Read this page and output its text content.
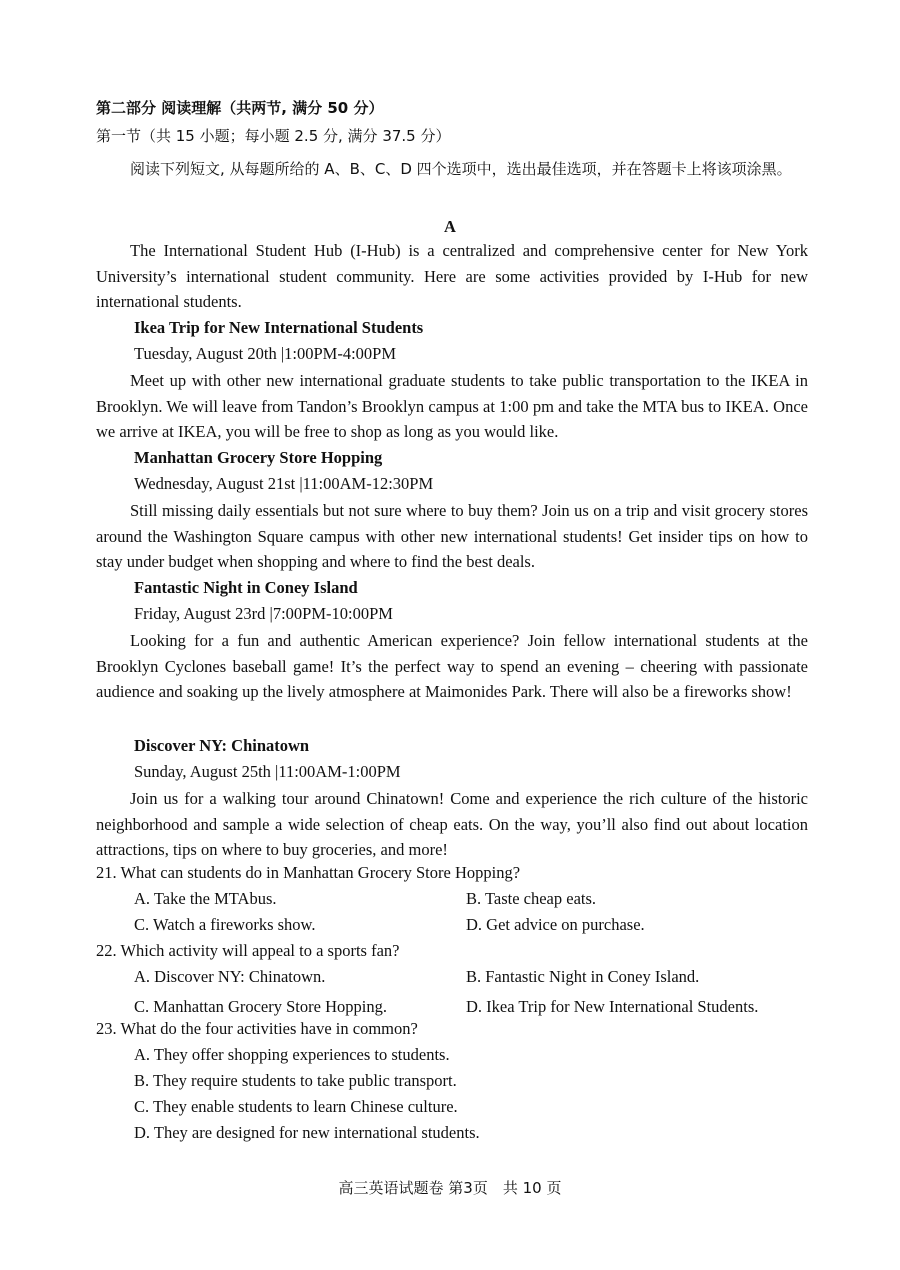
第二部分 阅读理解（共两节, 满分 50 分）
第一节（共 15 小题；每小题 2.5 分, 满分 37.5 分）
阅读下列短文, 从每题所给的 A、B、C、D 四个选项中，选出最佳选项，并在答题卡上将该项涂黑。
A
The International Student Hub (I-Hub) is a centralized and comprehensive center for New York University’s international student community. Here are some activities provided by I-Hub for new international students.
Ikea Trip for New International Students
Tuesday, August 20th |1:00PM-4:00PM
Meet up with other new international graduate students to take public transportation to the IKEA in Brooklyn. We will leave from Tandon’s Brooklyn campus at 1:00 pm and take the MTA bus to IKEA. Once we arrive at IKEA, you will be free to shop as long as you would like.
Manhattan Grocery Store Hopping
Wednesday, August 21st |11:00AM-12:30PM
Still missing daily essentials but not sure where to buy them? Join us on a trip and visit grocery stores around the Washington Square campus with other new international students! Get insider tips on how to stay under budget when shopping and where to find the best deals.
Fantastic Night in Coney Island
Friday, August 23rd |7:00PM-10:00PM
Looking for a fun and authentic American experience? Join fellow international students at the Brooklyn Cyclones baseball game! It’s the perfect way to spend an evening – cheering with passionate audience and soaking up the lively atmosphere at Maimonides Park. There will also be a fireworks show!
Discover NY: Chinatown
Sunday, August 25th |11:00AM-1:00PM
Join us for a walking tour around Chinatown! Come and experience the rich culture of the historic neighborhood and sample a wide selection of cheap eats. On the way, you’ll also find out about location attractions, tips on where to buy groceries, and more!
21. What can students do in Manhattan Grocery Store Hopping?
A. Take the MTAbus.	B. Taste cheap eats.
C. Watch a fireworks show.	D. Get advice on purchase.
22. Which activity will appeal to a sports fan?
A. Discover NY: Chinatown.	B. Fantastic Night in Coney Island.
C. Manhattan Grocery Store Hopping.	D. Ikea Trip for New International Students.
23. What do the four activities have in common?
A. They offer shopping experiences to students.
B. They require students to take public transport.
C. They enable students to learn Chinese culture.
D. They are designed for new international students.
高三英语试题卷 第3页　共 10 页
